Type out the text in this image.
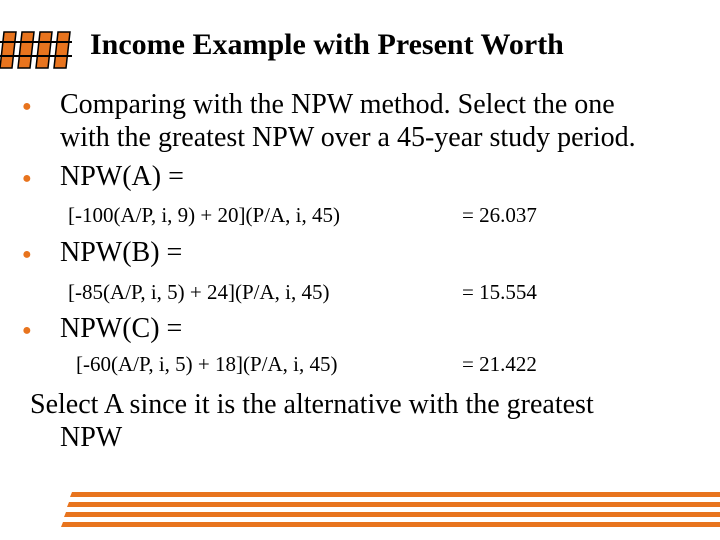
Income Example with Present Worth
● Comparing with the NPW method. Select the one
with the greatest NPW over a 45-year study period.
● NPW(A) =
[-100(A/P, i, 9) + 20](P/A, i, 45)	= 26.037
● NPW(B) =
[-85(A/P, i, 5) + 24](P/A, i, 45)	= 15.554
● NPW(C) =
[-60(A/P, i, 5) + 18](P/A, i, 45)	= 21.422
Select A since it is the alternative with the greatest
NPW
